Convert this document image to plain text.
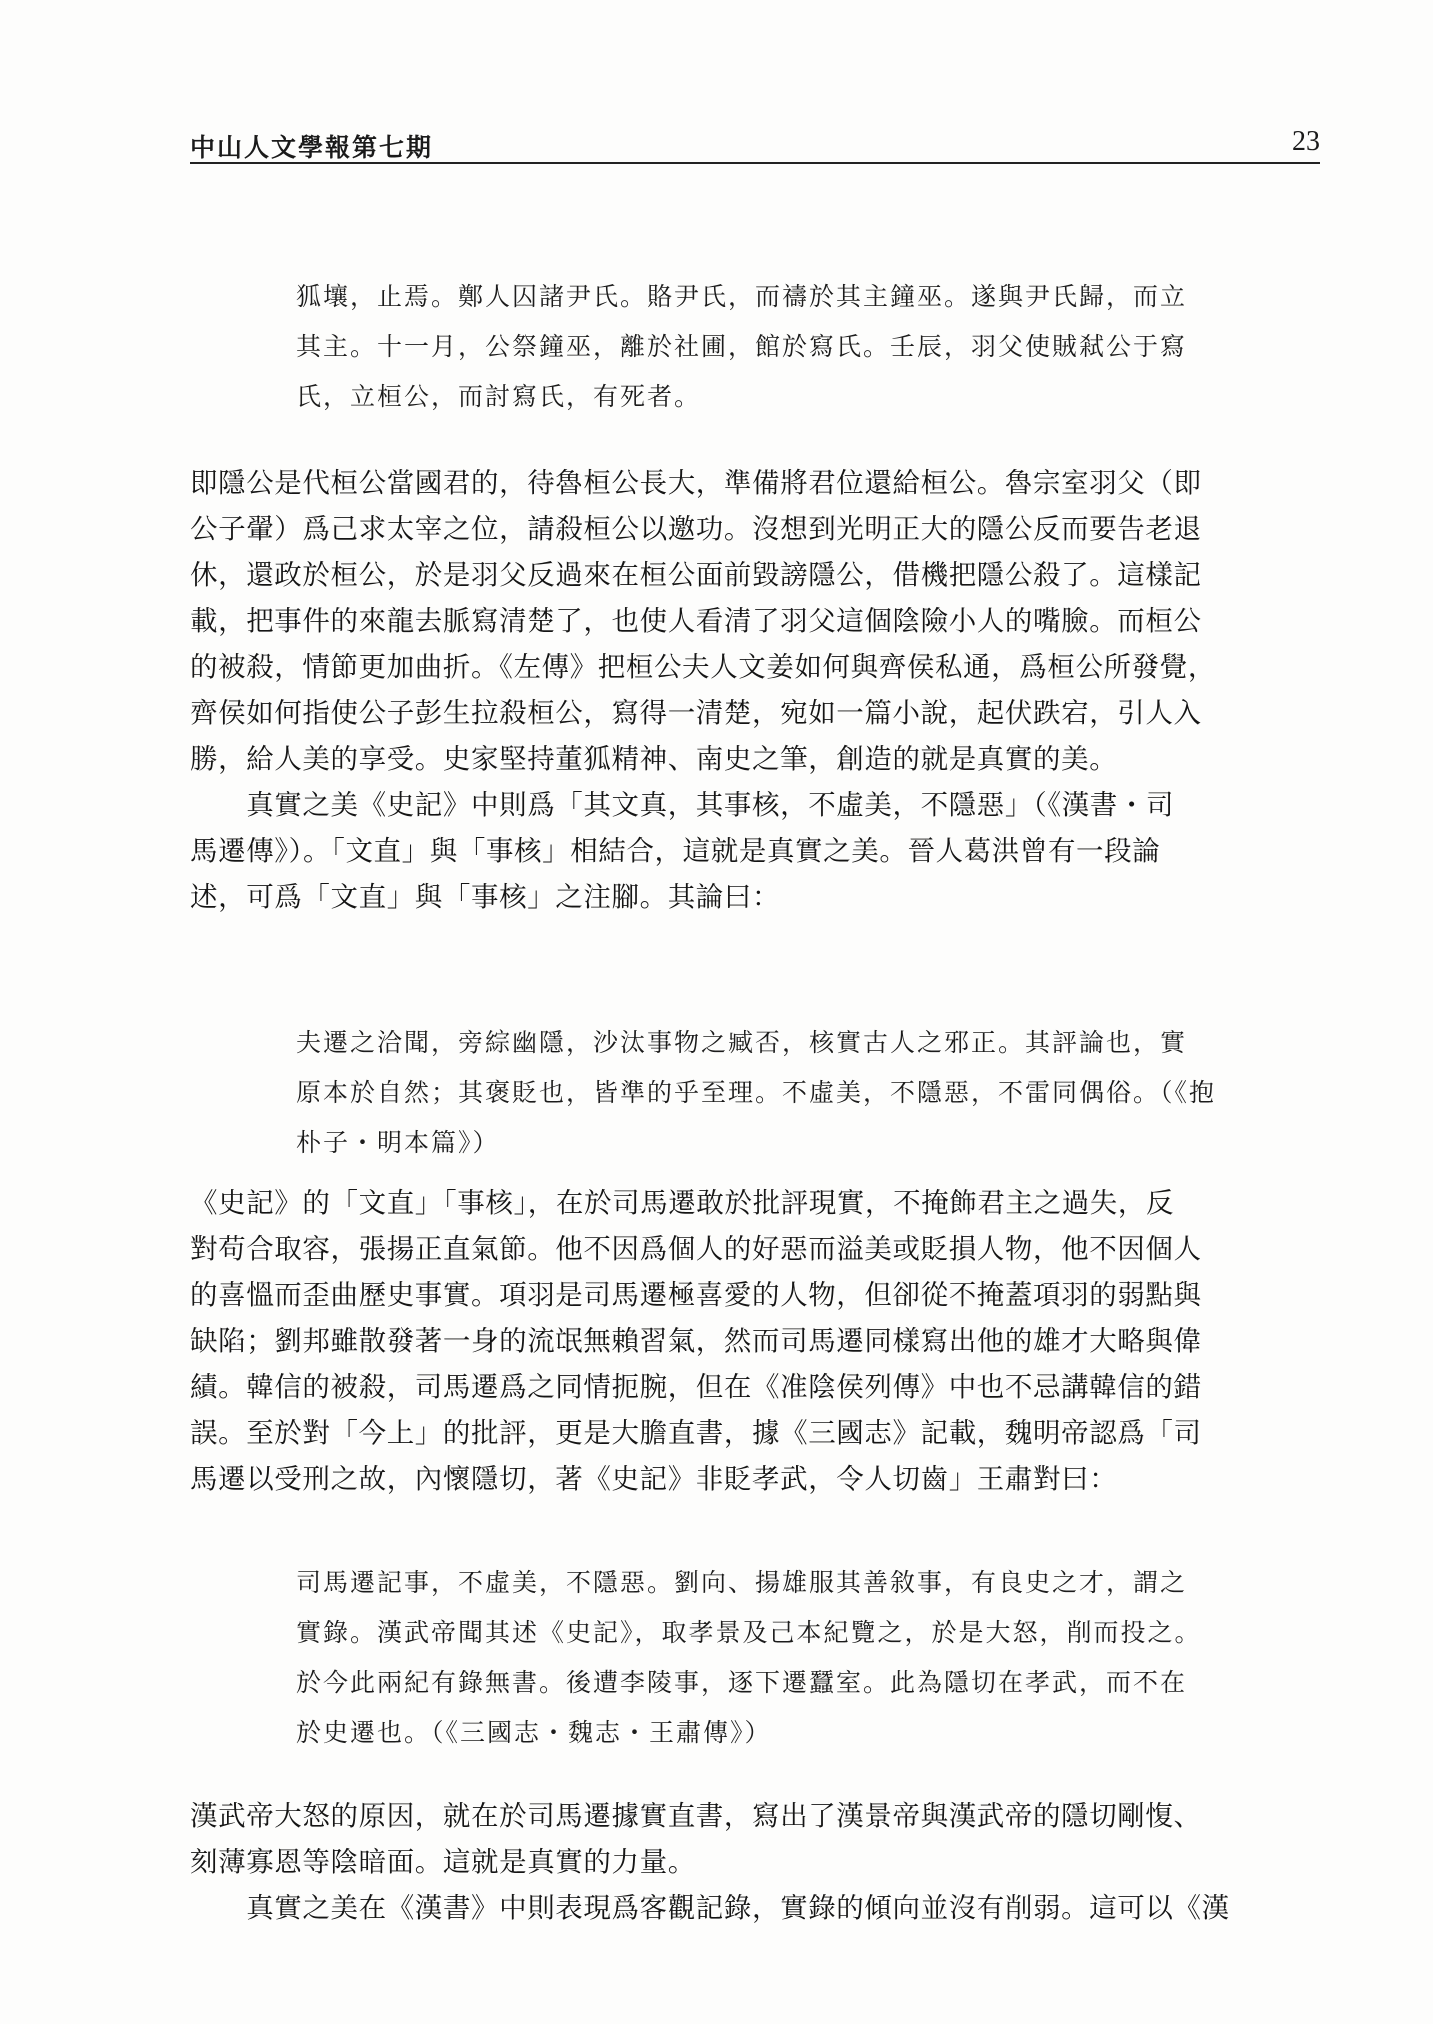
中山人文學報第七期	23
狐壤，止焉。鄭人囚諸尹氏。賂尹氏，而禱於其主鐘巫。遂與尹氏歸，而立
其主。十一月，公祭鐘巫，離於社圃，館於寫氏。壬辰，羽父使賊弒公于寫
氏，立桓公，而討寫氏，有死者。
即隱公是代桓公當國君的，待魯桓公長大，準備將君位還給桓公。魯宗室羽父（即
公子翬）爲己求太宰之位，請殺桓公以邀功。沒想到光明正大的隱公反而要告老退
休，還政於桓公，於是羽父反過來在桓公面前毀謗隱公，借機把隱公殺了。這樣記
載，把事件的來龍去脈寫清楚了，也使人看清了羽父這個陰險小人的嘴臉。而桓公
的被殺，情節更加曲折。《左傳》把桓公夫人文姜如何與齊侯私通，爲桓公所發覺，
齊侯如何指使公子彭生拉殺桓公，寫得一清楚，宛如一篇小說，起伏跌宕，引人入
勝，給人美的享受。史家堅持董狐精神、南史之筆，創造的就是真實的美。
　　真實之美《史記》中則爲「其文真，其事核，不虛美，不隱惡」（《漢書・司
馬遷傳》）。「文直」與「事核」相結合，這就是真實之美。晉人葛洪曾有一段論
述，可爲「文直」與「事核」之注腳。其論曰：
夫遷之洽聞，旁綜幽隱，沙汰事物之臧否，核實古人之邪正。其評論也，實
原本於自然；其褒貶也，皆準的乎至理。不虛美，不隱惡，不雷同偶俗。（《抱
朴子・明本篇》）
《史記》的「文直」「事核」，在於司馬遷敢於批評現實，不掩飾君主之過失，反
對苟合取容，張揚正直氣節。他不因爲個人的好惡而溢美或貶損人物，他不因個人
的喜慍而歪曲歷史事實。項羽是司馬遷極喜愛的人物，但卻從不掩蓋項羽的弱點與
缺陷；劉邦雖散發著一身的流氓無賴習氣，然而司馬遷同樣寫出他的雄才大略與偉
績。韓信的被殺，司馬遷爲之同情扼腕，但在《准陰侯列傳》中也不忌講韓信的錯
誤。至於對「今上」的批評，更是大膽直書，據《三國志》記載，魏明帝認爲「司
馬遷以受刑之故，內懷隱切，著《史記》非貶孝武，令人切齒」王肅對曰：
司馬遷記事，不虛美，不隱惡。劉向、揚雄服其善敘事，有良史之才，謂之
實錄。漢武帝聞其述《史記》，取孝景及己本紀覽之，於是大怒，削而投之。
於今此兩紀有錄無書。後遭李陵事，逐下遷蠶室。此為隱切在孝武，而不在
於史遷也。（《三國志・魏志・王肅傳》）
漢武帝大怒的原因，就在於司馬遷據實直書，寫出了漢景帝與漢武帝的隱切剛愎、
刻薄寡恩等陰暗面。這就是真實的力量。
　　真實之美在《漢書》中則表現爲客觀記錄，實錄的傾向並沒有削弱。這可以《漢
